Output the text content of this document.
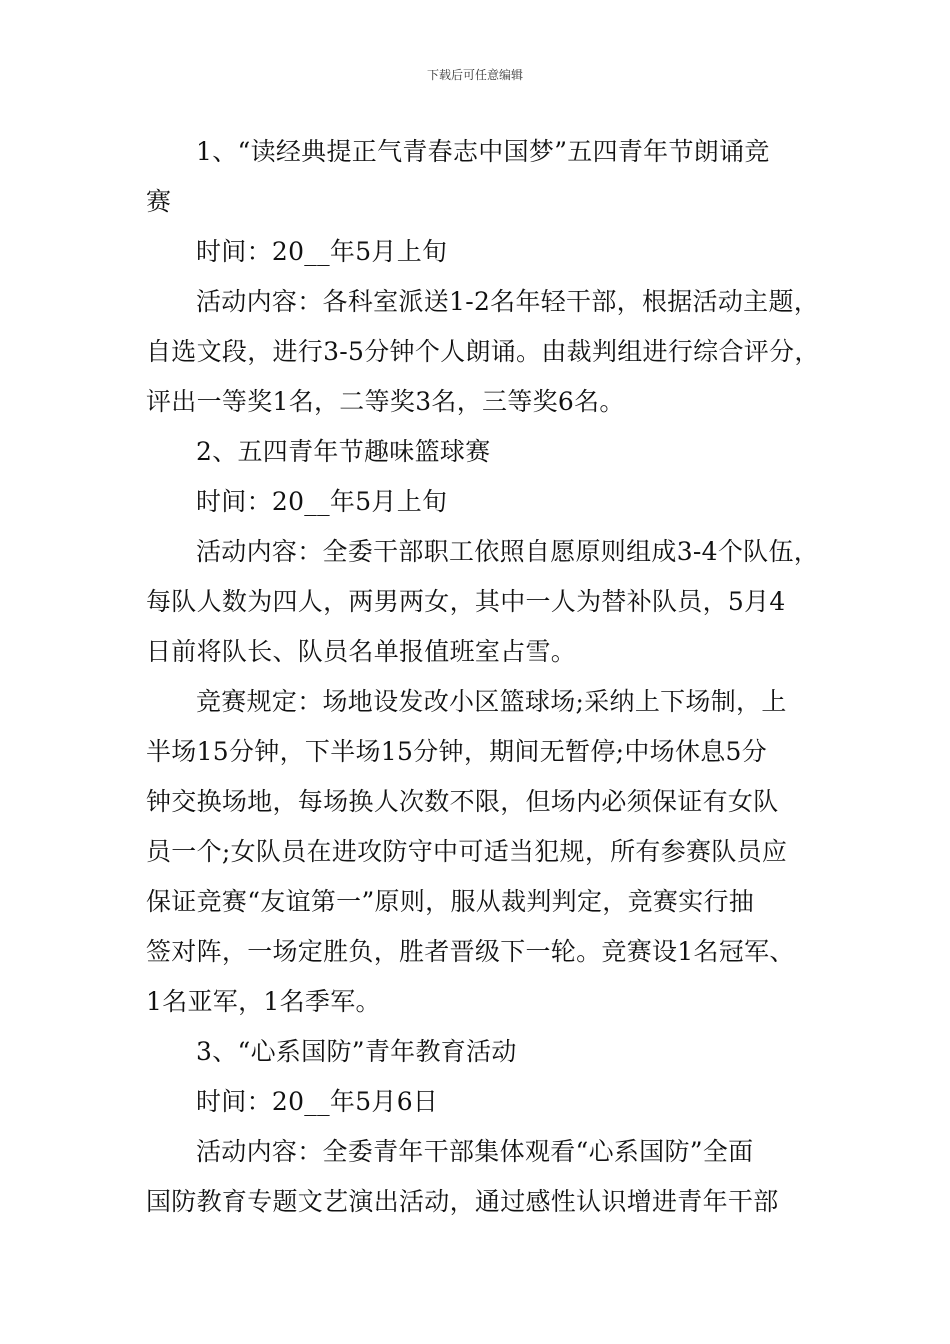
下载后可任意编辑
1、“读经典提正气青春志中国梦”五四青年节朗诵竞
赛
时间：20__年5月上旬
活动内容：各科室派送1-2名年轻干部，根据活动主题，
自选文段，进行3-5分钟个人朗诵。由裁判组进行综合评分，
评出一等奖1名，二等奖3名，三等奖6名。
2、五四青年节趣味篮球赛
时间：20__年5月上旬
活动内容：全委干部职工依照自愿原则组成3-4个队伍，
每队人数为四人，两男两女，其中一人为替补队员，5月4
日前将队长、队员名单报值班室占雪。
竞赛规定：场地设发改小区篮球场;采纳上下场制，上
半场15分钟，下半场15分钟，期间无暂停;中场休息5分
钟交换场地，每场换人次数不限，但场内必须保证有女队
员一个;女队员在进攻防守中可适当犯规，所有参赛队员应
保证竞赛“友谊第一”原则，服从裁判判定，竞赛实行抽
签对阵，一场定胜负，胜者晋级下一轮。竞赛设1名冠军、
1名亚军，1名季军。
3、“心系国防”青年教育活动
时间：20__年5月6日
活动内容：全委青年干部集体观看“心系国防”全面
国防教育专题文艺演出活动，通过感性认识增进青年干部
